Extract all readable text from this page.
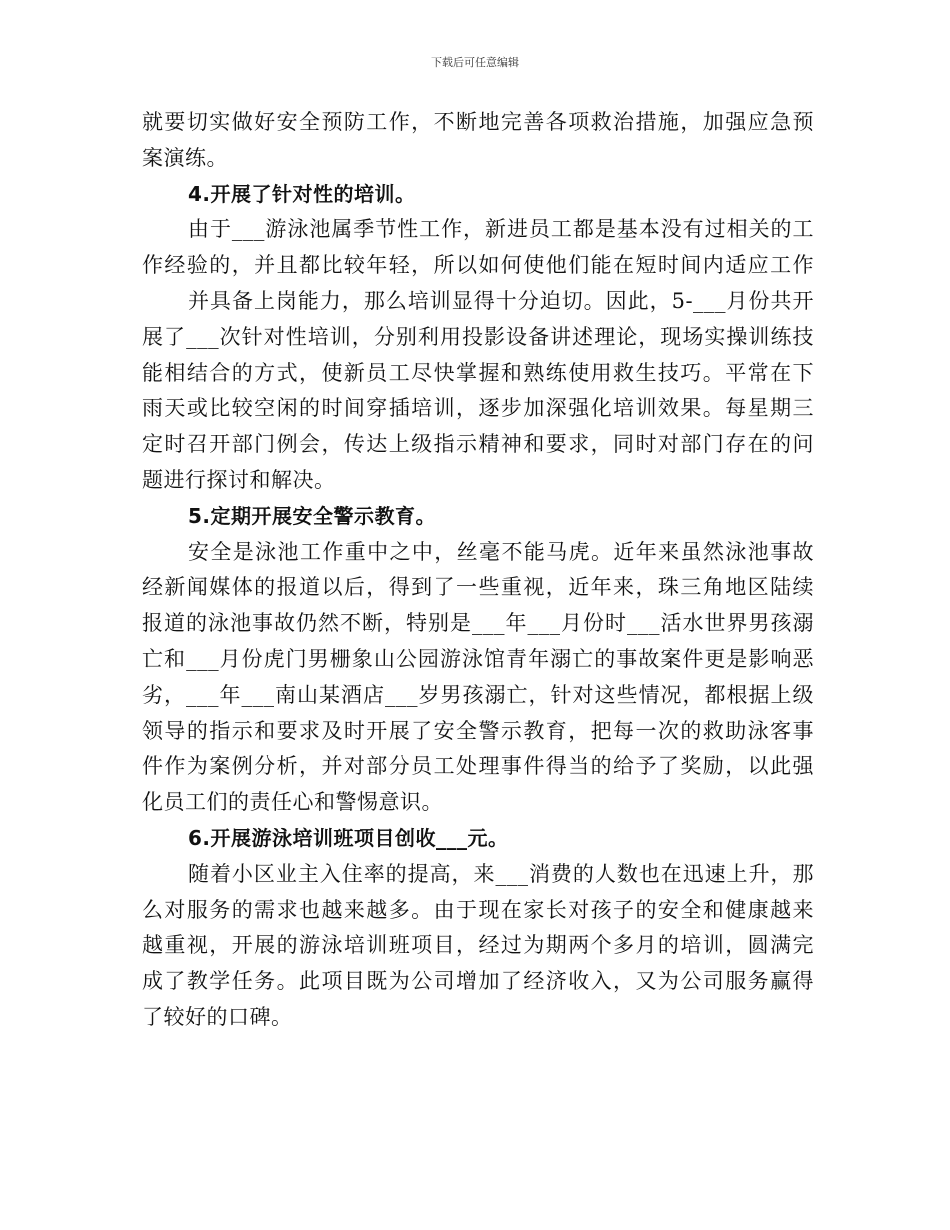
下载后可任意编辑
就要切实做好安全预防工作，不断地完善各项救治措施，加强应急预
案演练。
4.开展了针对性的培训。
由于___游泳池属季节性工作，新进员工都是基本没有过相关的工
作经验的，并且都比较年轻，所以如何使他们能在短时间内适应工作
并具备上岗能力，那么培训显得十分迫切。因此，5-___月份共开
展了___次针对性培训，分别利用投影设备讲述理论，现场实操训练技
能相结合的方式，使新员工尽快掌握和熟练使用救生技巧。平常在下
雨天或比较空闲的时间穿插培训，逐步加深强化培训效果。每星期三
定时召开部门例会，传达上级指示精神和要求，同时对部门存在的问
题进行探讨和解决。
5.定期开展安全警示教育。
安全是泳池工作重中之中，丝毫不能马虎。近年来虽然泳池事故
经新闻媒体的报道以后，得到了一些重视，近年来，珠三角地区陆续
报道的泳池事故仍然不断，特别是___年___月份时___活水世界男孩溺
亡和___月份虎门男栅象山公园游泳馆青年溺亡的事故案件更是影响恶
劣，___年___南山某酒店___岁男孩溺亡，针对这些情况，都根据上级
领导的指示和要求及时开展了安全警示教育，把每一次的救助泳客事
件作为案例分析，并对部分员工处理事件得当的给予了奖励，以此强
化员工们的责任心和警惕意识。
6.开展游泳培训班项目创收___元。
随着小区业主入住率的提高，来___消费的人数也在迅速上升，那
么对服务的需求也越来越多。由于现在家长对孩子的安全和健康越来
越重视，开展的游泳培训班项目，经过为期两个多月的培训，圆满完
成了教学任务。此项目既为公司增加了经济收入，又为公司服务赢得
了较好的口碑。
